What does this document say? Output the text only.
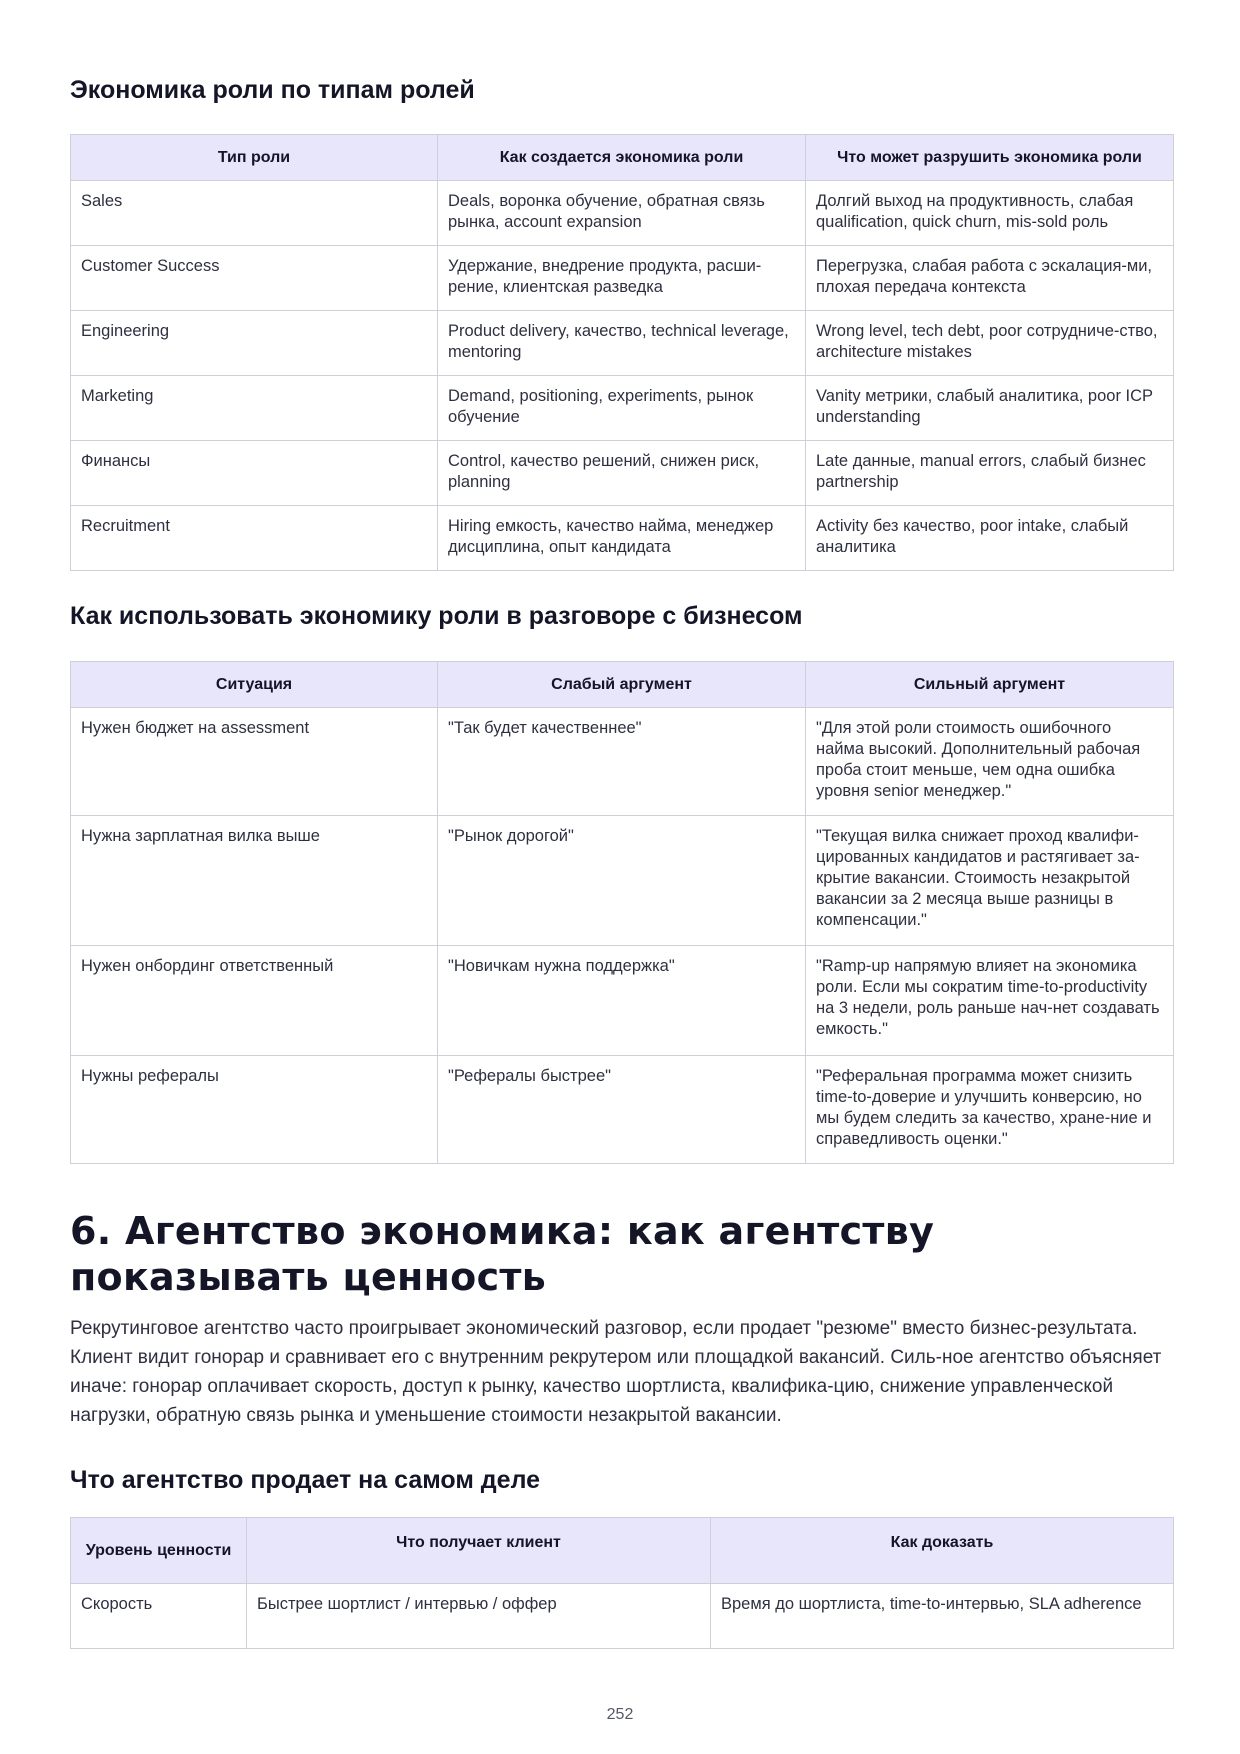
Экономика роли по типам ролей
Тип роли	Как создается экономика роли	Что может разрушить экономика роли
Sales	Deals, воронка обучение, обратная связь рынка, account expansion	Долгий выход на продуктивность, слабая qualification, quick churn, mis-sold роль
Customer Success	Удержание, внедрение продукта, расши-рение, клиентская разведка	Перегрузка, слабая работа с эскалация-ми, плохая передача контекста
Engineering	Product delivery, качество, technical leverage, mentoring	Wrong level, tech debt, poor сотрудниче-ство, architecture mistakes
Marketing	Demand, positioning, experiments, рынок обучение	Vanity метрики, слабый аналитика, poor ICP understanding
Финансы	Control, качество решений, снижен риск, planning	Late данные, manual errors, слабый бизнес partnership
Recruitment	Hiring емкость, качество найма, менеджер дисциплина, опыт кандидата	Activity без качество, poor intake, слабый аналитика
Как использовать экономику роли в разговоре с бизнесом
Ситуация	Слабый аргумент	Сильный аргумент
Нужен бюджет на assessment	"Так будет качественнее"	"Для этой роли стоимость ошибочного найма высокий. Дополнительный рабочая проба стоит меньше, чем одна ошибка уровня senior менеджер."
Нужна зарплатная вилка выше	"Рынок дорогой"	"Текущая вилка снижает проход квалифи-цированных кандидатов и растягивает за-крытие вакансии. Стоимость незакрытой вакансии за 2 месяца выше разницы в компенсации."
Нужен онбординг ответственный	"Новичкам нужна поддержка"	"Ramp-up напрямую влияет на экономика роли. Если мы сократим time-to-productivity на 3 недели, роль раньше нач-нет создавать емкость."
Нужны рефералы	"Рефералы быстрее"	"Реферальная программа может снизить time-to-доверие и улучшить конверсию, но мы будем следить за качество, хране-ние и справедливость оценки."
6. Агентство экономика: как агентству показывать ценность

Рекрутинговое агентство часто проигрывает экономический разговор, если продает "резюме" вместо бизнес-результата. Клиент видит гонорар и сравнивает его с внутренним рекрутером или площадкой вакансий. Силь-ное агентство объясняет иначе: гонорар оплачивает скорость, доступ к рынку, качество шортлиста, квалифика-цию, снижение управленческой нагрузки, обратную связь рынка и уменьшение стоимости незакрытой вакансии.

Что агентство продает на самом деле
Уровень ценности	Что получает клиент	Как доказать
Скорость	Быстрее шортлист / интервью / оффер	Время до шортлиста, time-to-интервью, SLA adherence
252
